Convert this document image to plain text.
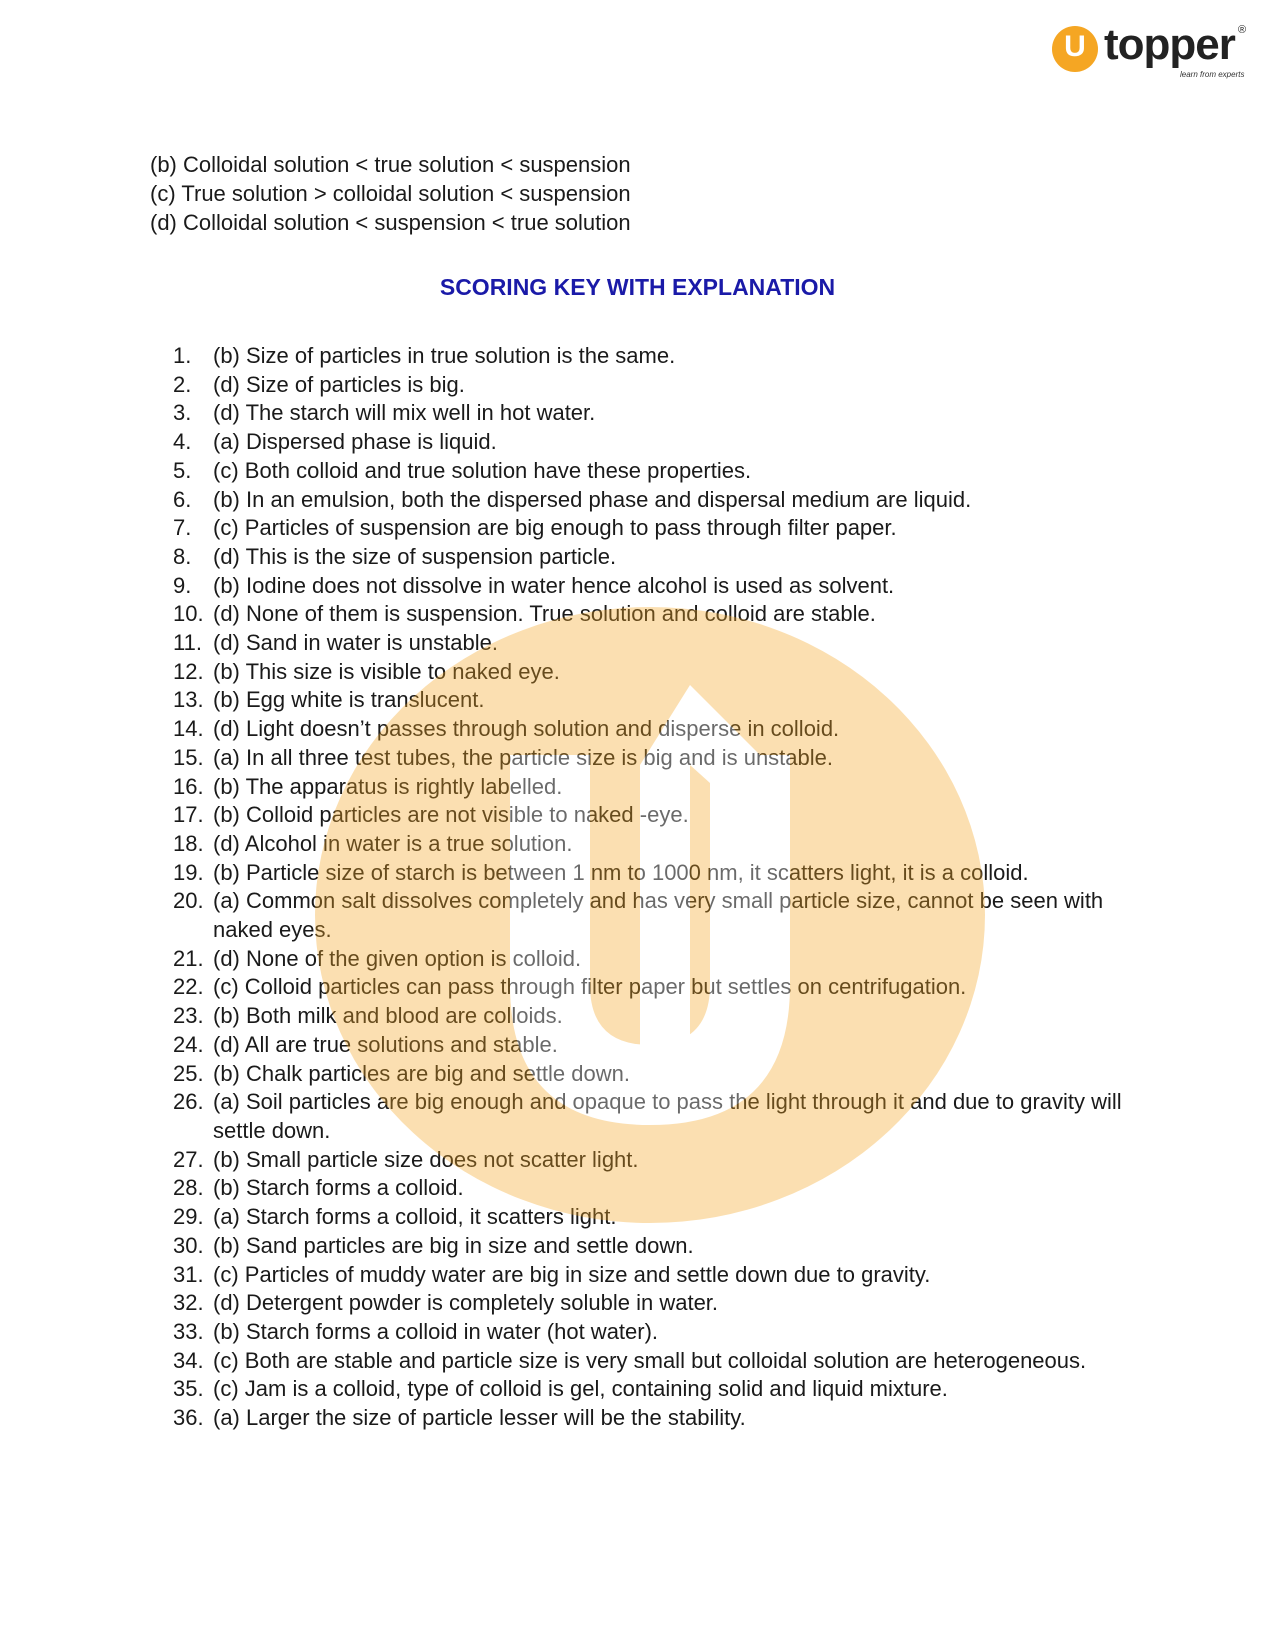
U topper ®
learn from experts
(b) Colloidal solution < true solution < suspension
(c) True solution > colloidal solution < suspension
(d) Colloidal solution < suspension < true solution
SCORING KEY WITH EXPLANATION
1. (b) Size of particles in true solution is the same.
2. (d) Size of particles is big.
3. (d) The starch will mix well in hot water.
4. (a) Dispersed phase is liquid.
5. (c) Both colloid and true solution have these properties.
6. (b) In an emulsion, both the dispersed phase and dispersal medium are liquid.
7. (c) Particles of suspension are big enough to pass through filter paper.
8. (d) This is the size of suspension particle.
9. (b) Iodine does not dissolve in water hence alcohol is used as solvent.
10. (d) None of them is suspension. True solution and colloid are stable.
11. (d) Sand in water is unstable.
12. (b) This size is visible to naked eye.
13. (b) Egg white is translucent.
14. (d) Light doesn’t passes through solution and disperse in colloid.
15. (a) In all three test tubes, the particle size is big and is unstable.
16. (b) The apparatus is rightly labelled.
17. (b) Colloid particles are not visible to naked -eye.
18. (d) Alcohol in water is a true solution.
19. (b) Particle size of starch is between 1 nm to 1000 nm, it scatters light, it is a colloid.
20. (a) Common salt dissolves completely and has very small particle size, cannot be seen with naked eyes.
21. (d) None of the given option is colloid.
22. (c) Colloid particles can pass through filter paper but settles on centrifugation.
23. (b) Both milk and blood are colloids.
24. (d) All are true solutions and stable.
25. (b) Chalk particles are big and settle down.
26. (a) Soil particles are big enough and opaque to pass the light through it and due to gravity will settle down.
27. (b) Small particle size does not scatter light.
28. (b) Starch forms a colloid.
29. (a) Starch forms a colloid, it scatters light.
30. (b) Sand particles are big in size and settle down.
31. (c) Particles of muddy water are big in size and settle down due to gravity.
32. (d) Detergent powder is completely soluble in water.
33. (b) Starch forms a colloid in water (hot water).
34. (c) Both are stable and particle size is very small but colloidal solution are heterogeneous.
35. (c) Jam is a colloid, type of colloid is gel, containing solid and liquid mixture.
36. (a) Larger the size of particle lesser will be the stability.
